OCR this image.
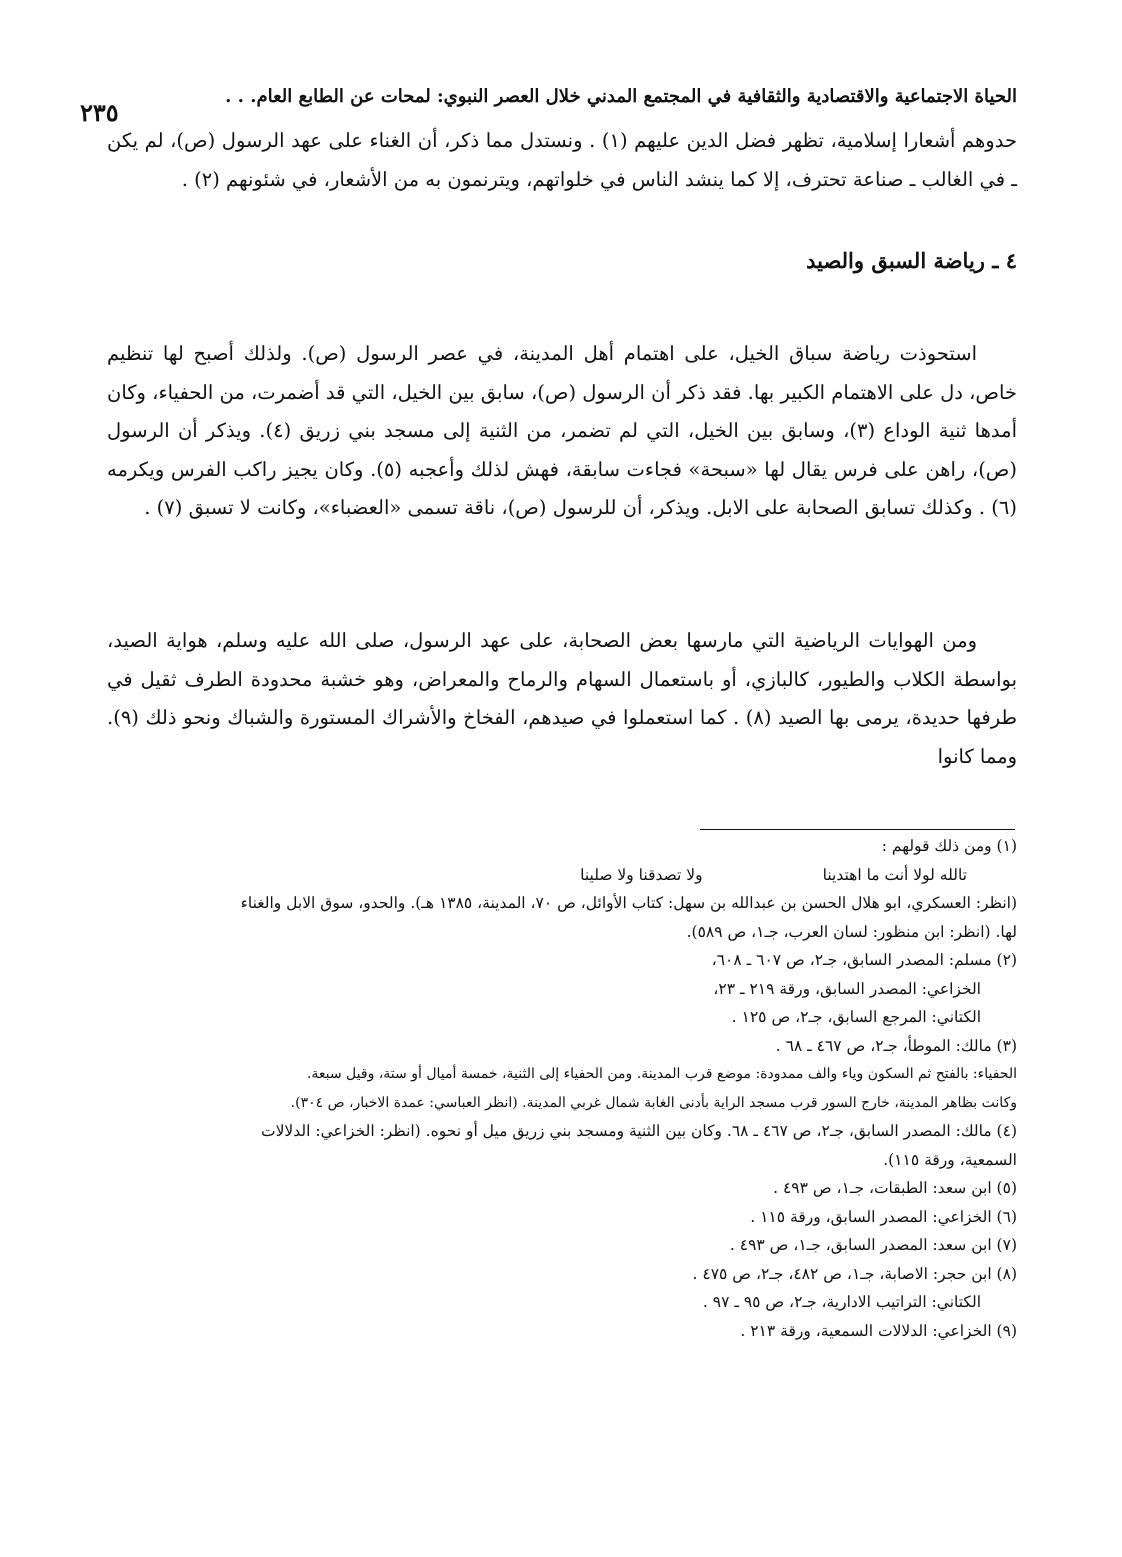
الحياة الاجتماعية والاقتصادية والثقافية في المجتمع المدني خلال العصر النبوي: لمحات عن الطابع العام. . .
٢٣٥
حدوهم أشعارا إسلامية، تظهر فضل الدين عليهم (١) . ونستدل مما ذكر، أن الغناء على عهد الرسول (ص)، لم يكن ـ في الغالب ـ صناعة تحترف، إلا كما ينشد الناس في خلواتهم، ويترنمون به من الأشعار، في شئونهم (٢) .
٤ ـ رياضة السبق والصيد
استحوذت رياضة سباق الخيل، على اهتمام أهل المدينة، في عصر الرسول (ص). ولذلك أصبح لها تنظيم خاص، دل على الاهتمام الكبير بها. فقد ذكر أن الرسول (ص)، سابق بين الخيل، التي قد أضمرت، من الحفياء، وكان أمدها ثنية الوداع (٣)، وسابق بين الخيل، التي لم تضمر، من الثنية إلى مسجد بني زريق (٤). ويذكر أن الرسول (ص)، راهن على فرس يقال لها «سبحة» فجاءت سابقة، فهش لذلك وأعجبه (٥). وكان يجيز راكب الفرس ويكرمه (٦) . وكذلك تسابق الصحابة على الابل. ويذكر، أن للرسول (ص)، ناقة تسمى «العضباء»، وكانت لا تسبق (٧) .
ومن الهوايات الرياضية التي مارسها بعض الصحابة، على عهد الرسول، صلى الله عليه وسلم، هواية الصيد، بواسطة الكلاب والطيور، كالبازي، أو باستعمال السهام والرماح والمعراض، وهو خشبة محدودة الطرف ثقيل في طرفها حديدة، يرمى بها الصيد (٨) . كما استعملوا في صيدهم، الفخاخ والأشراك المستورة والشباك ونحو ذلك (٩). ومما كانوا
(١) ومن ذلك قولهم :
تالله لولا أنت ما اهتدينا
ولا تصدقنا ولا صلينا
(انظر: العسكري، ابو هلال الحسن بن عبدالله بن سهل: كتاب الأوائل، ص ٧٠، المدينة، ١٣٨٥ هـ). والحدو، سوق الابل والغناء
لها. (انظر: ابن منظور: لسان العرب، جـ١، ص ٥٨٩).
(٢) مسلم: المصدر السابق، جـ٢، ص ٦٠٧ ـ ٦٠٨،
الخزاعي: المصدر السابق، ورقة ٢١٩ ـ ٢٣،
الكتاني: المرجع السابق، جـ٢، ص ١٢٥ .
(٣) مالك: الموطأ، جـ٢، ص ٤٦٧ ـ ٦٨ .
الحفياء: بالفتح ثم السكون وياء والف ممدودة: موضع قرب المدينة. ومن الحفياء إلى الثنية، خمسة أميال أو ستة، وقيل سبعة.
وكانت بظاهر المدينة، خارج السور قرب مسجد الراية بأدنى الغابة شمال غربي المدينة. (انظر العباسي: عمدة الاخبار، ص ٣٠٤).
(٤) مالك: المصدر السابق، جـ٢، ص ٤٦٧ ـ ٦٨. وكان بين الثنية ومسجد بني زريق ميل أو نحوه. (انظر: الخزاعي: الدلالات
السمعية، ورقة ١١٥).
(٥) ابن سعد: الطبقات، جـ١، ص ٤٩٣ .
(٦) الخزاعي: المصدر السابق، ورقة ١١٥ .
(٧) ابن سعد: المصدر السابق، جـ١، ص ٤٩٣ .
(٨) ابن حجر: الاصابة، جـ١، ص ٤٨٢، جـ٢، ص ٤٧٥ .
الكتاني: التراتيب الادارية، جـ٢، ص ٩٥ ـ ٩٧ .
(٩) الخزاعي: الدلالات السمعية، ورقة ٢١٣ .
